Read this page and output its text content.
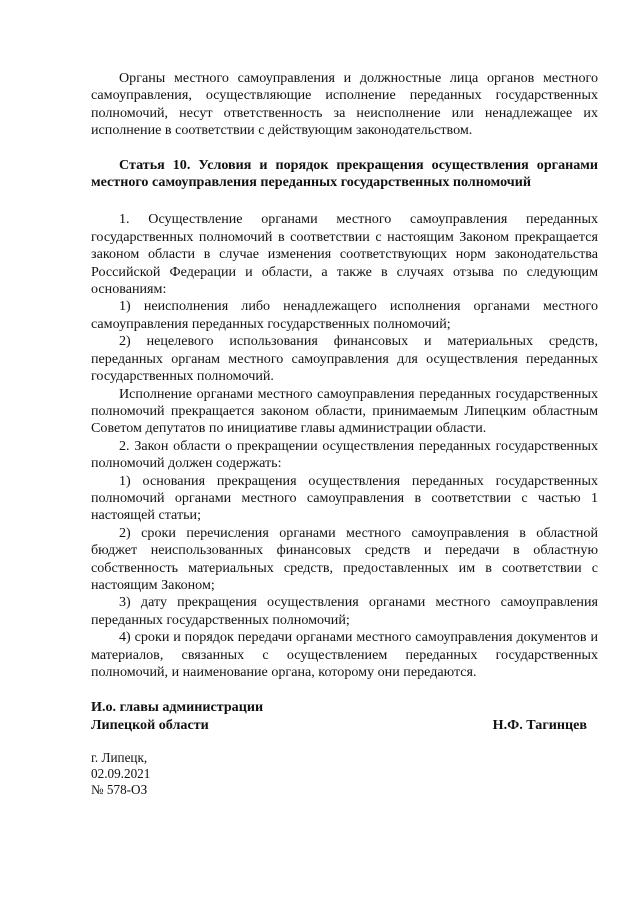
Органы местного самоуправления и должностные лица органов местного самоуправления, осуществляющие исполнение переданных государственных полномочий, несут ответственность за неисполнение или ненадлежащее их исполнение в соответствии с действующим законодательством.

Статья 10. Условия и порядок прекращения осуществления органами местного самоуправления переданных государственных полномочий

1. Осуществление органами местного самоуправления переданных государственных полномочий в соответствии с настоящим Законом прекращается законом области в случае изменения соответствующих норм законодательства Российской Федерации и области, а также в случаях отзыва по следующим основаниям:

1) неисполнения либо ненадлежащего исполнения органами местного самоуправления переданных государственных полномочий;

2) нецелевого использования финансовых и материальных средств, переданных органам местного самоуправления для осуществления переданных государственных полномочий.

Исполнение органами местного самоуправления переданных государственных полномочий прекращается законом области, принимаемым Липецким областным Советом депутатов по инициативе главы администрации области.

2. Закон области о прекращении осуществления переданных государственных полномочий должен содержать:

1) основания прекращения осуществления переданных государственных полномочий органами местного самоуправления в соответствии с частью 1 настоящей статьи;

2) сроки перечисления органами местного самоуправления в областной бюджет неиспользованных финансовых средств и передачи в областную собственность материальных средств, предоставленных им в соответствии с настоящим Законом;

3) дату прекращения осуществления органами местного самоуправления переданных государственных полномочий;

4) сроки и порядок передачи органами местного самоуправления документов и материалов, связанных с осуществлением переданных государственных полномочий, и наименование органа, которому они передаются.

И.о. главы администрации
Липецкой области	Н.Ф. Тагинцев
г. Липецк,
02.09.2021
№ 578-ОЗ
